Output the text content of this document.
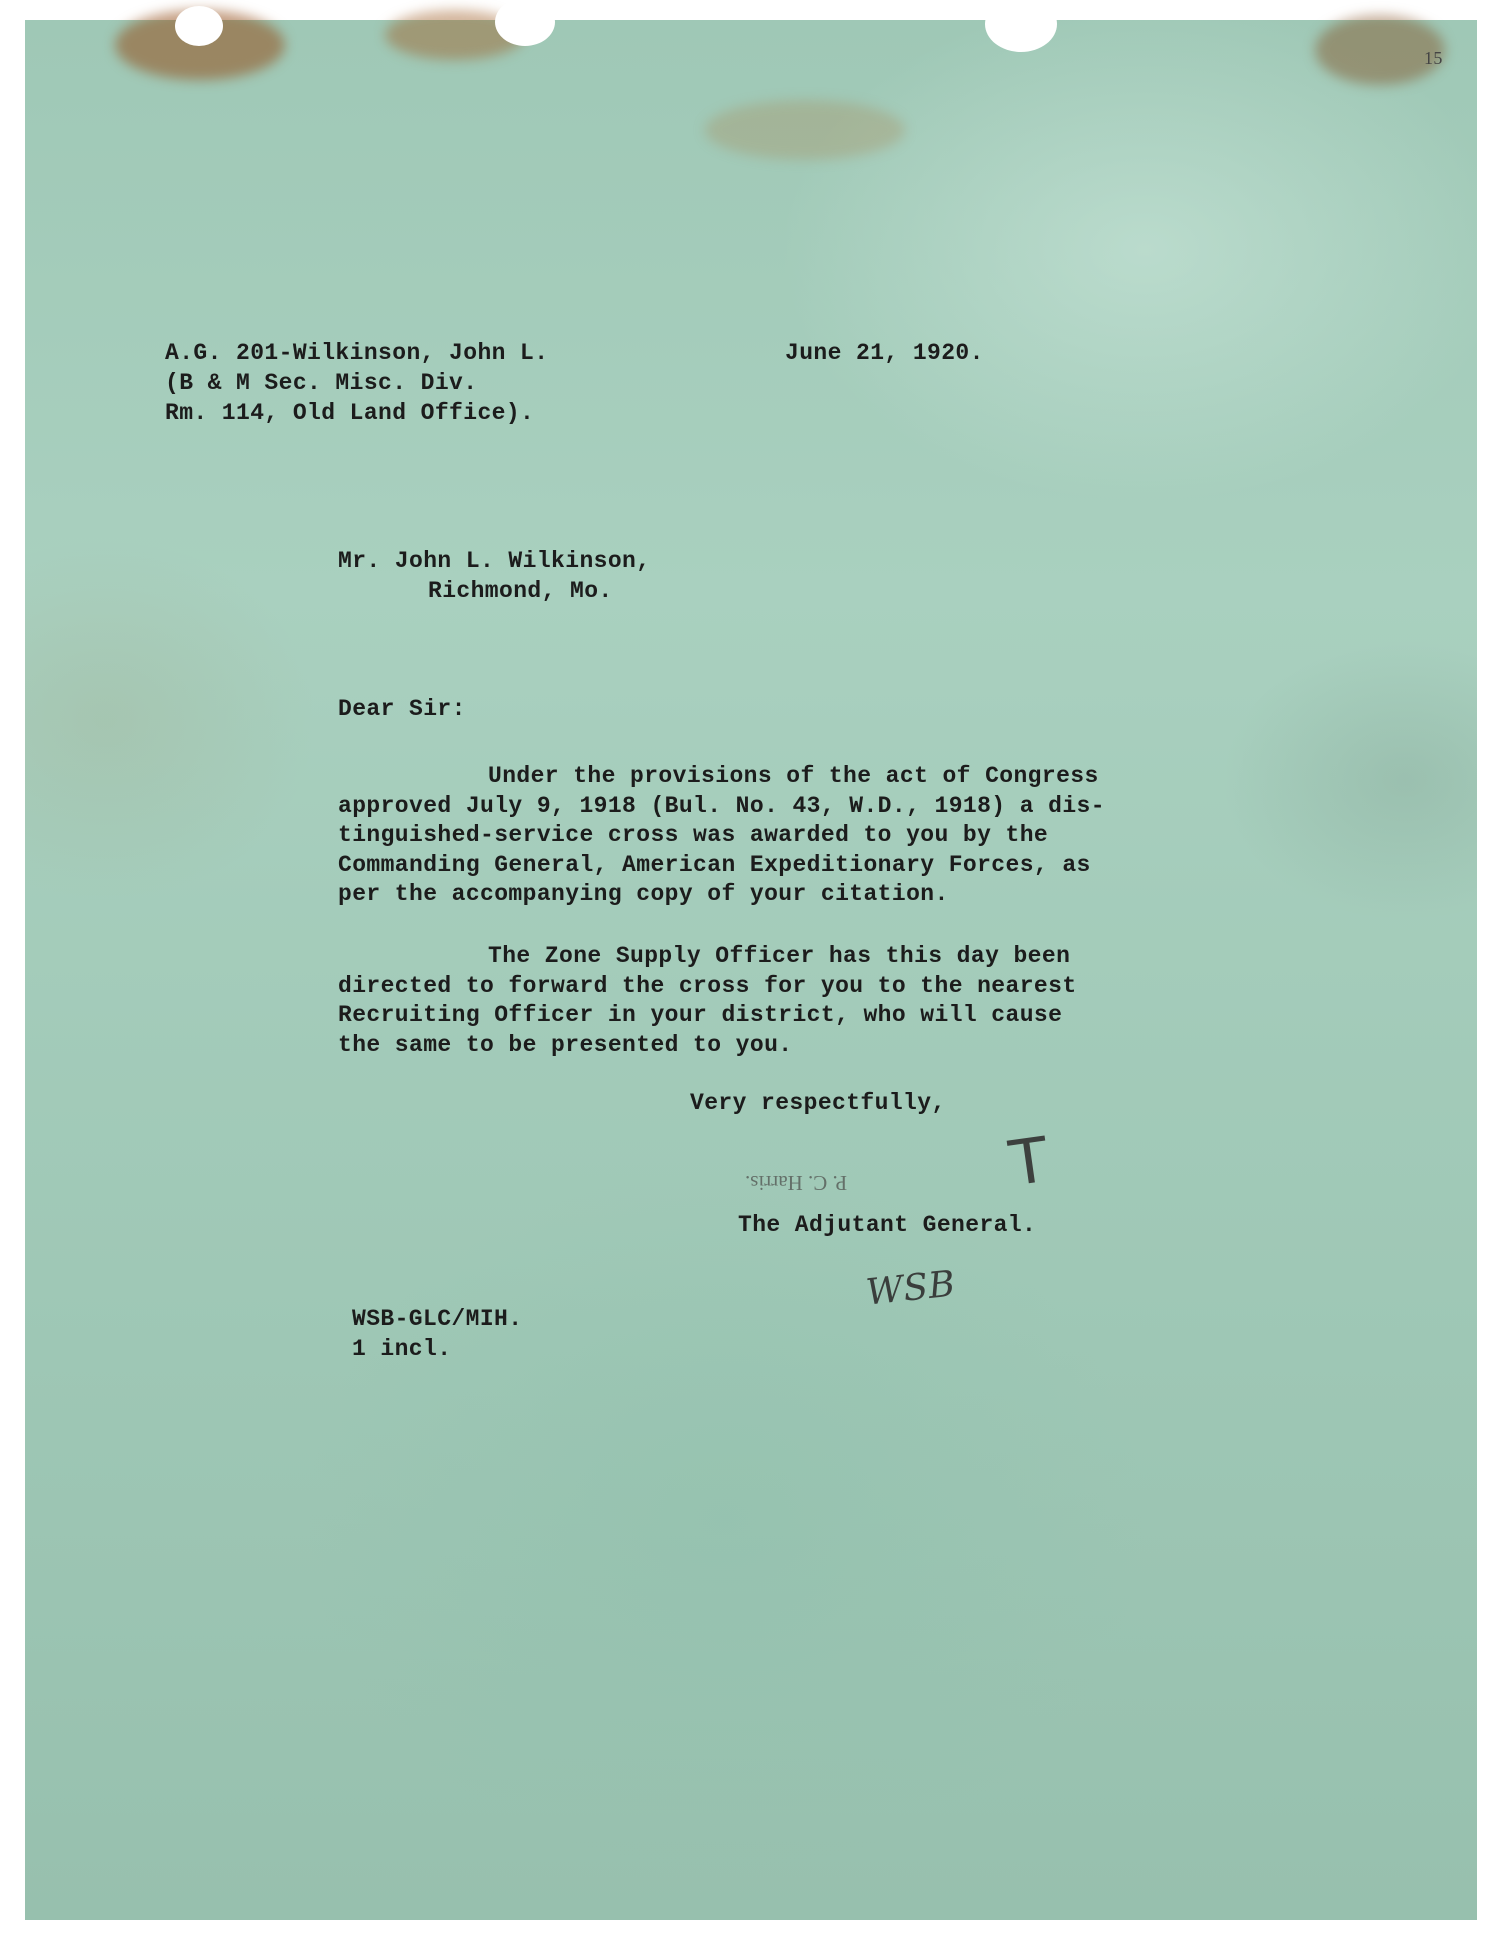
15
A.G. 201-Wilkinson, John L.
(B & M Sec. Misc. Div.
Rm. 114, Old Land Office).
June 21, 1920.
Mr. John L. Wilkinson,
Richmond, Mo.
Dear Sir:
Under the provisions of the act of Congress
approved July 9, 1918 (Bul. No. 43, W.D., 1918) a dis-
tinguished-service cross was awarded to you by the
Commanding General, American Expeditionary Forces, as
per the accompanying copy of your citation.
The Zone Supply Officer has this day been
directed to forward the cross for you to the nearest
Recruiting Officer in your district, who will cause
the same to be presented to you.
Very respectfully,
P. C. Harris.	T
The Adjutant General.
WSB
WSB-GLC/MIH.
1 incl.
